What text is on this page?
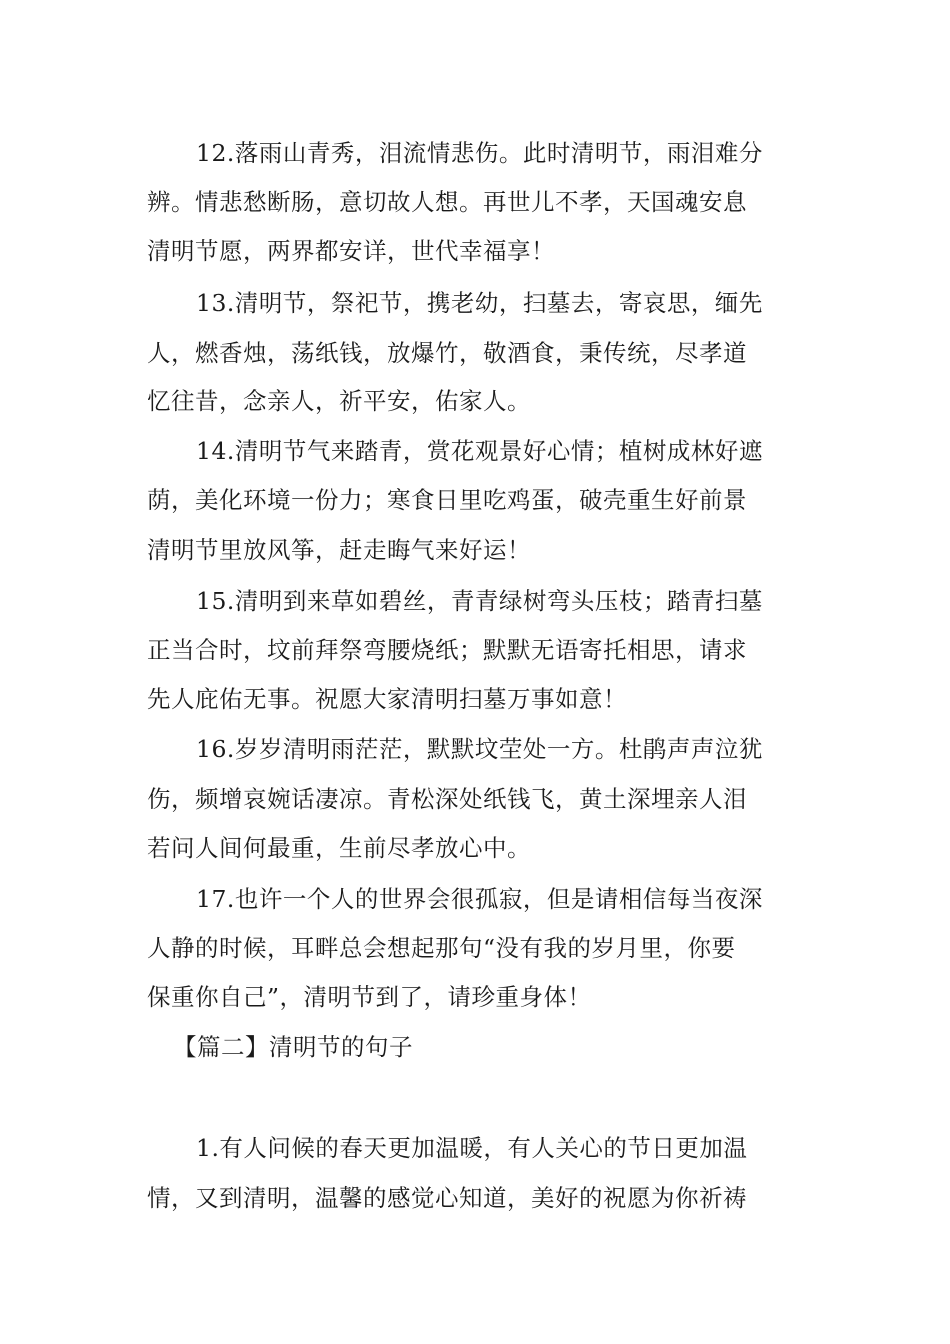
12.落雨山青秀，泪流情悲伤。此时清明节，雨泪难分
辨。情悲愁断肠，意切故人想。再世儿不孝，天国魂安息
清明节愿，两界都安详，世代幸福享！
13.清明节，祭祀节，携老幼，扫墓去，寄哀思，缅先
人，燃香烛，荡纸钱，放爆竹，敬酒食，秉传统，尽孝道
忆往昔，念亲人，祈平安，佑家人。
14.清明节气来踏青，赏花观景好心情；植树成林好遮
荫，美化环境一份力；寒食日里吃鸡蛋，破壳重生好前景
清明节里放风筝，赶走晦气来好运！
15.清明到来草如碧丝，青青绿树弯头压枝；踏青扫墓
正当合时，坟前拜祭弯腰烧纸；默默无语寄托相思，请求
先人庇佑无事。祝愿大家清明扫墓万事如意！
16.岁岁清明雨茫茫，默默坟茔处一方。杜鹃声声泣犹
伤，频增哀婉话凄凉。青松深处纸钱飞，黄土深埋亲人泪
若问人间何最重，生前尽孝放心中。
17.也许一个人的世界会很孤寂，但是请相信每当夜深
人静的时候，耳畔总会想起那句“没有我的岁月里，你要
保重你自己”，清明节到了，请珍重身体！
【篇二】清明节的句子
1.有人问候的春天更加温暖，有人关心的节日更加温
情，又到清明，温馨的感觉心知道，美好的祝愿为你祈祷
